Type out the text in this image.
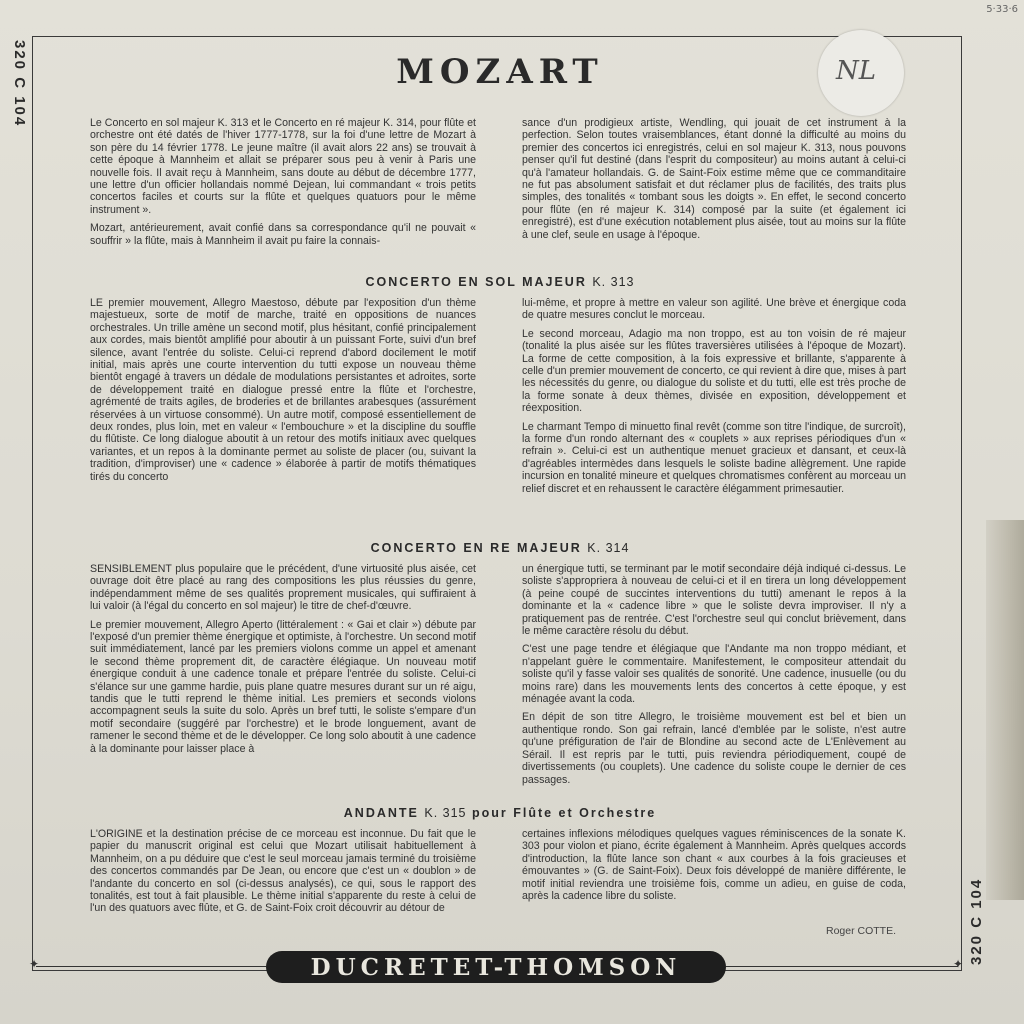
5·33·6
320 C 104
320 C 104
NL
MOZART

Le Concerto en sol majeur K. 313 et le Concerto en ré majeur K. 314, pour flûte et orchestre ont été datés de l'hiver 1777-1778, sur la foi d'une lettre de Mozart à son père du 14 février 1778. Le jeune maître (il avait alors 22 ans) se trouvait à cette époque à Mannheim et allait se préparer sous peu à venir à Paris une nouvelle fois. Il avait reçu à Mannheim, sans doute au début de décembre 1777, une lettre d'un officier hollandais nommé Dejean, lui commandant « trois petits concertos faciles et courts sur la flûte et quelques quatuors pour le même instrument ».

Mozart, antérieurement, avait confié dans sa correspondance qu'il ne pouvait « souffrir » la flûte, mais à Mannheim il avait pu faire la connais-

sance d'un prodigieux artiste, Wendling, qui jouait de cet instrument à la perfection. Selon toutes vraisemblances, étant donné la difficulté au moins du premier des concertos ici enregistrés, celui en sol majeur K. 313, nous pouvons penser qu'il fut destiné (dans l'esprit du compositeur) au moins autant à celui-ci qu'à l'amateur hollandais. G. de Saint-Foix estime même que ce commanditaire ne fut pas absolument satisfait et dut réclamer plus de facilités, des traits plus simples, des tonalités « tombant sous les doigts ». En effet, le second concerto pour flûte (en ré majeur K. 314) composé par la suite (et également ici enregistré), est d'une exécution notablement plus aisée, tout au moins sur la flûte à une clef, seule en usage à l'époque.

CONCERTO EN SOL MAJEUR K. 313

LE premier mouvement, Allegro Maestoso, débute par l'exposition d'un thème majestueux, sorte de motif de marche, traité en oppositions de nuances orchestrales. Un trille amène un second motif, plus hésitant, confié principalement aux cordes, mais bientôt amplifié pour aboutir à un puissant Forte, suivi d'un bref silence, avant l'entrée du soliste. Celui-ci reprend d'abord docilement le motif initial, mais après une courte intervention du tutti expose un nouveau thème bientôt engagé à travers un dédale de modulations persistantes et adroites, sorte de développement traité en dialogue pressé entre la flûte et l'orchestre, agrémenté de traits agiles, de broderies et de brillantes arabesques (assurément réservées à un virtuose consommé). Un autre motif, composé essentiellement de deux rondes, plus loin, met en valeur « l'embouchure » et la discipline du souffle du flûtiste. Ce long dialogue aboutit à un retour des motifs initiaux avec quelques variantes, et un repos à la dominante permet au soliste de placer (ou, suivant la tradition, d'improviser) une « cadence » élaborée à partir de motifs thématiques tirés du concerto

lui-même, et propre à mettre en valeur son agilité. Une brève et énergique coda de quatre mesures conclut le morceau.

Le second morceau, Adagio ma non troppo, est au ton voisin de ré majeur (tonalité la plus aisée sur les flûtes traversières utilisées à l'époque de Mozart). La forme de cette composition, à la fois expressive et brillante, s'apparente à celle d'un premier mouvement de concerto, ce qui revient à dire que, mises à part les nécessités du genre, ou dialogue du soliste et du tutti, elle est très proche de la forme sonate à deux thèmes, divisée en exposition, développement et réexposition.

Le charmant Tempo di minuetto final revêt (comme son titre l'indique, de surcroît), la forme d'un rondo alternant des « couplets » aux reprises périodiques d'un « refrain ». Celui-ci est un authentique menuet gracieux et dansant, et ceux-là d'agréables intermèdes dans lesquels le soliste badine allègrement. Une rapide incursion en tonalité mineure et quelques chromatismes confèrent au morceau un relief discret et en rehaussent le caractère élégamment primesautier.

CONCERTO EN RE MAJEUR K. 314

SENSIBLEMENT plus populaire que le précédent, d'une virtuosité plus aisée, cet ouvrage doit être placé au rang des compositions les plus réussies du genre, indépendamment même de ses qualités proprement musicales, qui suffiraient à lui valoir (à l'égal du concerto en sol majeur) le titre de chef-d'œuvre.

Le premier mouvement, Allegro Aperto (littéralement : « Gai et clair ») débute par l'exposé d'un premier thème énergique et optimiste, à l'orchestre. Un second motif suit immédiatement, lancé par les premiers violons comme un appel et amenant le second thème proprement dit, de caractère élégiaque. Un nouveau motif énergique conduit à une cadence tonale et prépare l'entrée du soliste. Celui-ci s'élance sur une gamme hardie, puis plane quatre mesures durant sur un ré aigu, tandis que le tutti reprend le thème initial. Les premiers et seconds violons accompagnent seuls la suite du solo. Après un bref tutti, le soliste s'empare d'un motif secondaire (suggéré par l'orchestre) et le brode longuement, avant de ramener le second thème et de le développer. Ce long solo aboutit à une cadence à la dominante pour laisser place à

un énergique tutti, se terminant par le motif secondaire déjà indiqué ci-dessus. Le soliste s'appropriera à nouveau de celui-ci et il en tirera un long développement (à peine coupé de succintes interventions du tutti) amenant le repos à la dominante et la « cadence libre » que le soliste devra improviser. Il n'y a pratiquement pas de rentrée. C'est l'orchestre seul qui conclut brièvement, dans le même caractère résolu du début.

C'est une page tendre et élégiaque que l'Andante ma non troppo médiant, et n'appelant guère le commentaire. Manifestement, le compositeur attendait du soliste qu'il y fasse valoir ses qualités de sonorité. Une cadence, inusuelle (ou du moins rare) dans les mouvements lents des concertos à cette époque, y est ménagée avant la coda.

En dépit de son titre Allegro, le troisième mouvement est bel et bien un authentique rondo. Son gai refrain, lancé d'emblée par le soliste, n'est autre qu'une préfiguration de l'air de Blondine au second acte de L'Enlèvement au Sérail. Il est repris par le tutti, puis reviendra périodiquement, coupé de divertissements (ou couplets). Une cadence du soliste coupe le dernier de ces passages.

ANDANTE K. 315 pour Flûte et Orchestre

L'ORIGINE et la destination précise de ce morceau est inconnue. Du fait que le papier du manuscrit original est celui que Mozart utilisait habituellement à Mannheim, on a pu déduire que c'est le seul morceau jamais terminé du troisième des concertos commandés par De Jean, ou encore que c'est un « doublon » de l'andante du concerto en sol (ci-dessus analysés), ce qui, sous le rapport des tonalités, est tout à fait plausible. Le thème initial s'apparente du reste à celui de l'un des quatuors avec flûte, et G. de Saint-Foix croit découvrir au détour de

certaines inflexions mélodiques quelques vagues réminiscences de la sonate K. 303 pour violon et piano, écrite également à Mannheim. Après quelques accords d'introduction, la flûte lance son chant « aux courbes à la fois gracieuses et émouvantes » (G. de Saint-Foix). Deux fois développé de manière différente, le motif initial reviendra une troisième fois, comme un adieu, en guise de coda, après la cadence libre du soliste.

Roger COTTE.
✦	✦
DUCRETET-THOMSON
